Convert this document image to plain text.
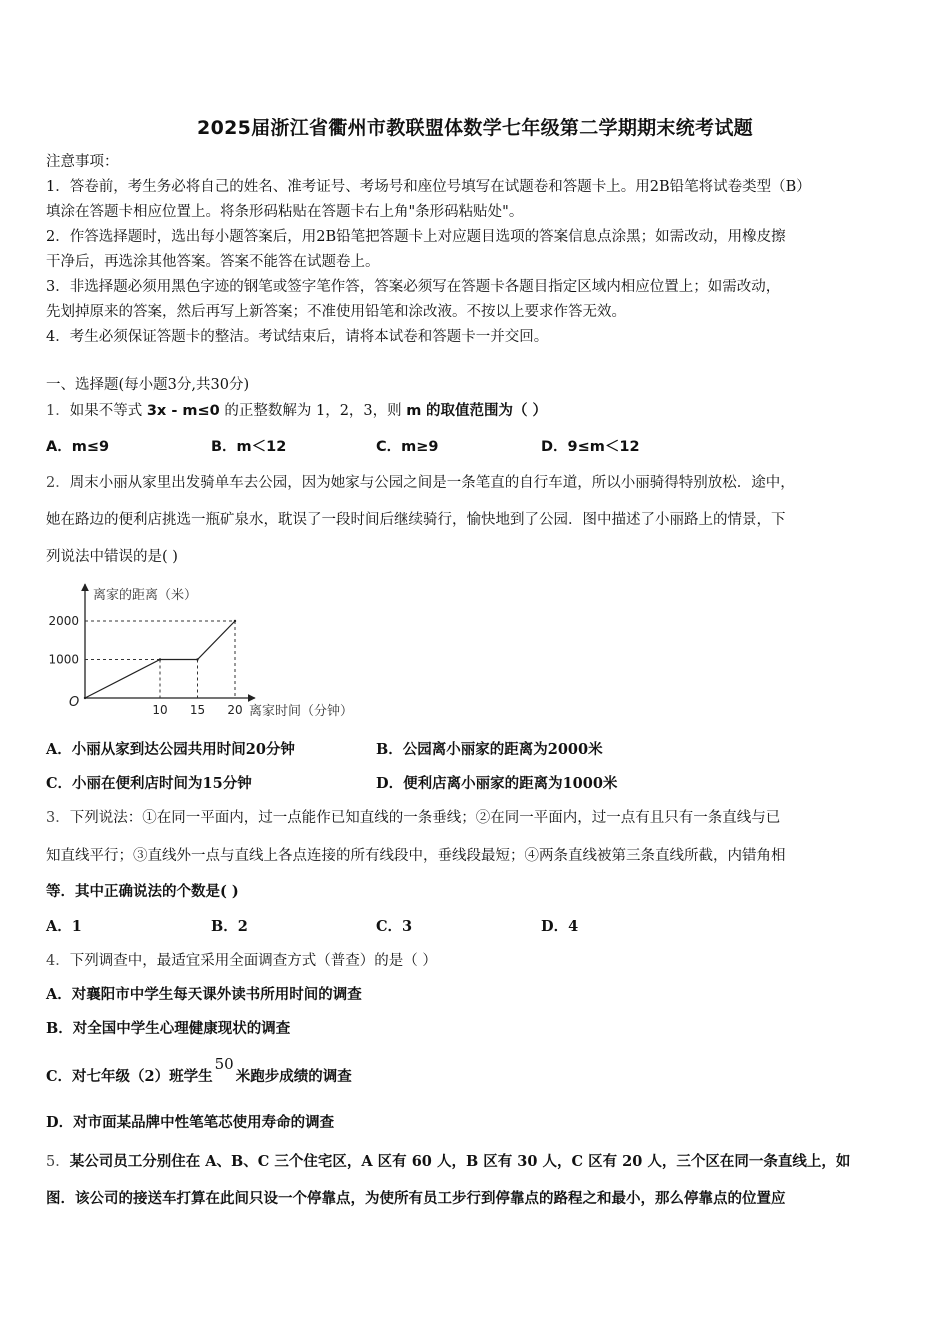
2025届浙江省衢州市教联盟体数学七年级第二学期期末统考试题
注意事项：
1．答卷前，考生务必将自己的姓名、准考证号、考场号和座位号填写在试题卷和答题卡上。用2B铅笔将试卷类型（B）
填涂在答题卡相应位置上。将条形码粘贴在答题卡右上角"条形码粘贴处"。
2．作答选择题时，选出每小题答案后，用2B铅笔把答题卡上对应题目选项的答案信息点涂黑；如需改动，用橡皮擦
干净后，再选涂其他答案。答案不能答在试题卷上。
3．非选择题必须用黑色字迹的钢笔或签字笔作答，答案必须写在答题卡各题目指定区域内相应位置上；如需改动，
先划掉原来的答案，然后再写上新答案；不准使用铅笔和涂改液。不按以上要求作答无效。
4．考生必须保证答题卡的整洁。考试结束后，请将本试卷和答题卡一并交回。
一、选择题(每小题3分,共30分)
1．如果不等式 3x - m≤0 的正整数解为 1，2，3，则 m 的取值范围为（ ）
A．m≤9	B．m＜12	C．m≥9	D．9≤m＜12
2．周末小丽从家里出发骑单车去公园，因为她家与公园之间是一条笔直的自行车道，所以小丽骑得特别放松．途中，
她在路边的便利店挑选一瓶矿泉水，耽误了一段时间后继续骑行，愉快地到了公园．图中描述了小丽路上的情景，下
列说法中错误的是( )
1000
2000
10 15 20
O
离家的距离（米）
离家时间（分钟）
A．小丽从家到达公园共用时间20分钟	B．公园离小丽家的距离为2000米
C．小丽在便利店时间为15分钟	D．便利店离小丽家的距离为1000米
3．下列说法：①在同一平面内，过一点能作已知直线的一条垂线；②在同一平面内，过一点有且只有一条直线与已
知直线平行；③直线外一点与直线上各点连接的所有线段中，垂线段最短；④两条直线被第三条直线所截，内错角相
等．其中正确说法的个数是( )
A．1	B．2	C．3	D．4
4．下列调查中，最适宜采用全面调查方式（普查）的是（ ）
A．对襄阳市中学生每天课外读书所用时间的调查
B．对全国中学生心理健康现状的调查
C．对七年级（2）班学生50米跑步成绩的调查
D．对市面某品牌中性笔笔芯使用寿命的调查
5．某公司员工分别住在 A、B、C 三个住宅区，A 区有 60 人，B 区有 30 人，C 区有 20 人，三个区在同一条直线上，如
图．该公司的接送车打算在此间只设一个停靠点，为使所有员工步行到停靠点的路程之和最小，那么停靠点的位置应
